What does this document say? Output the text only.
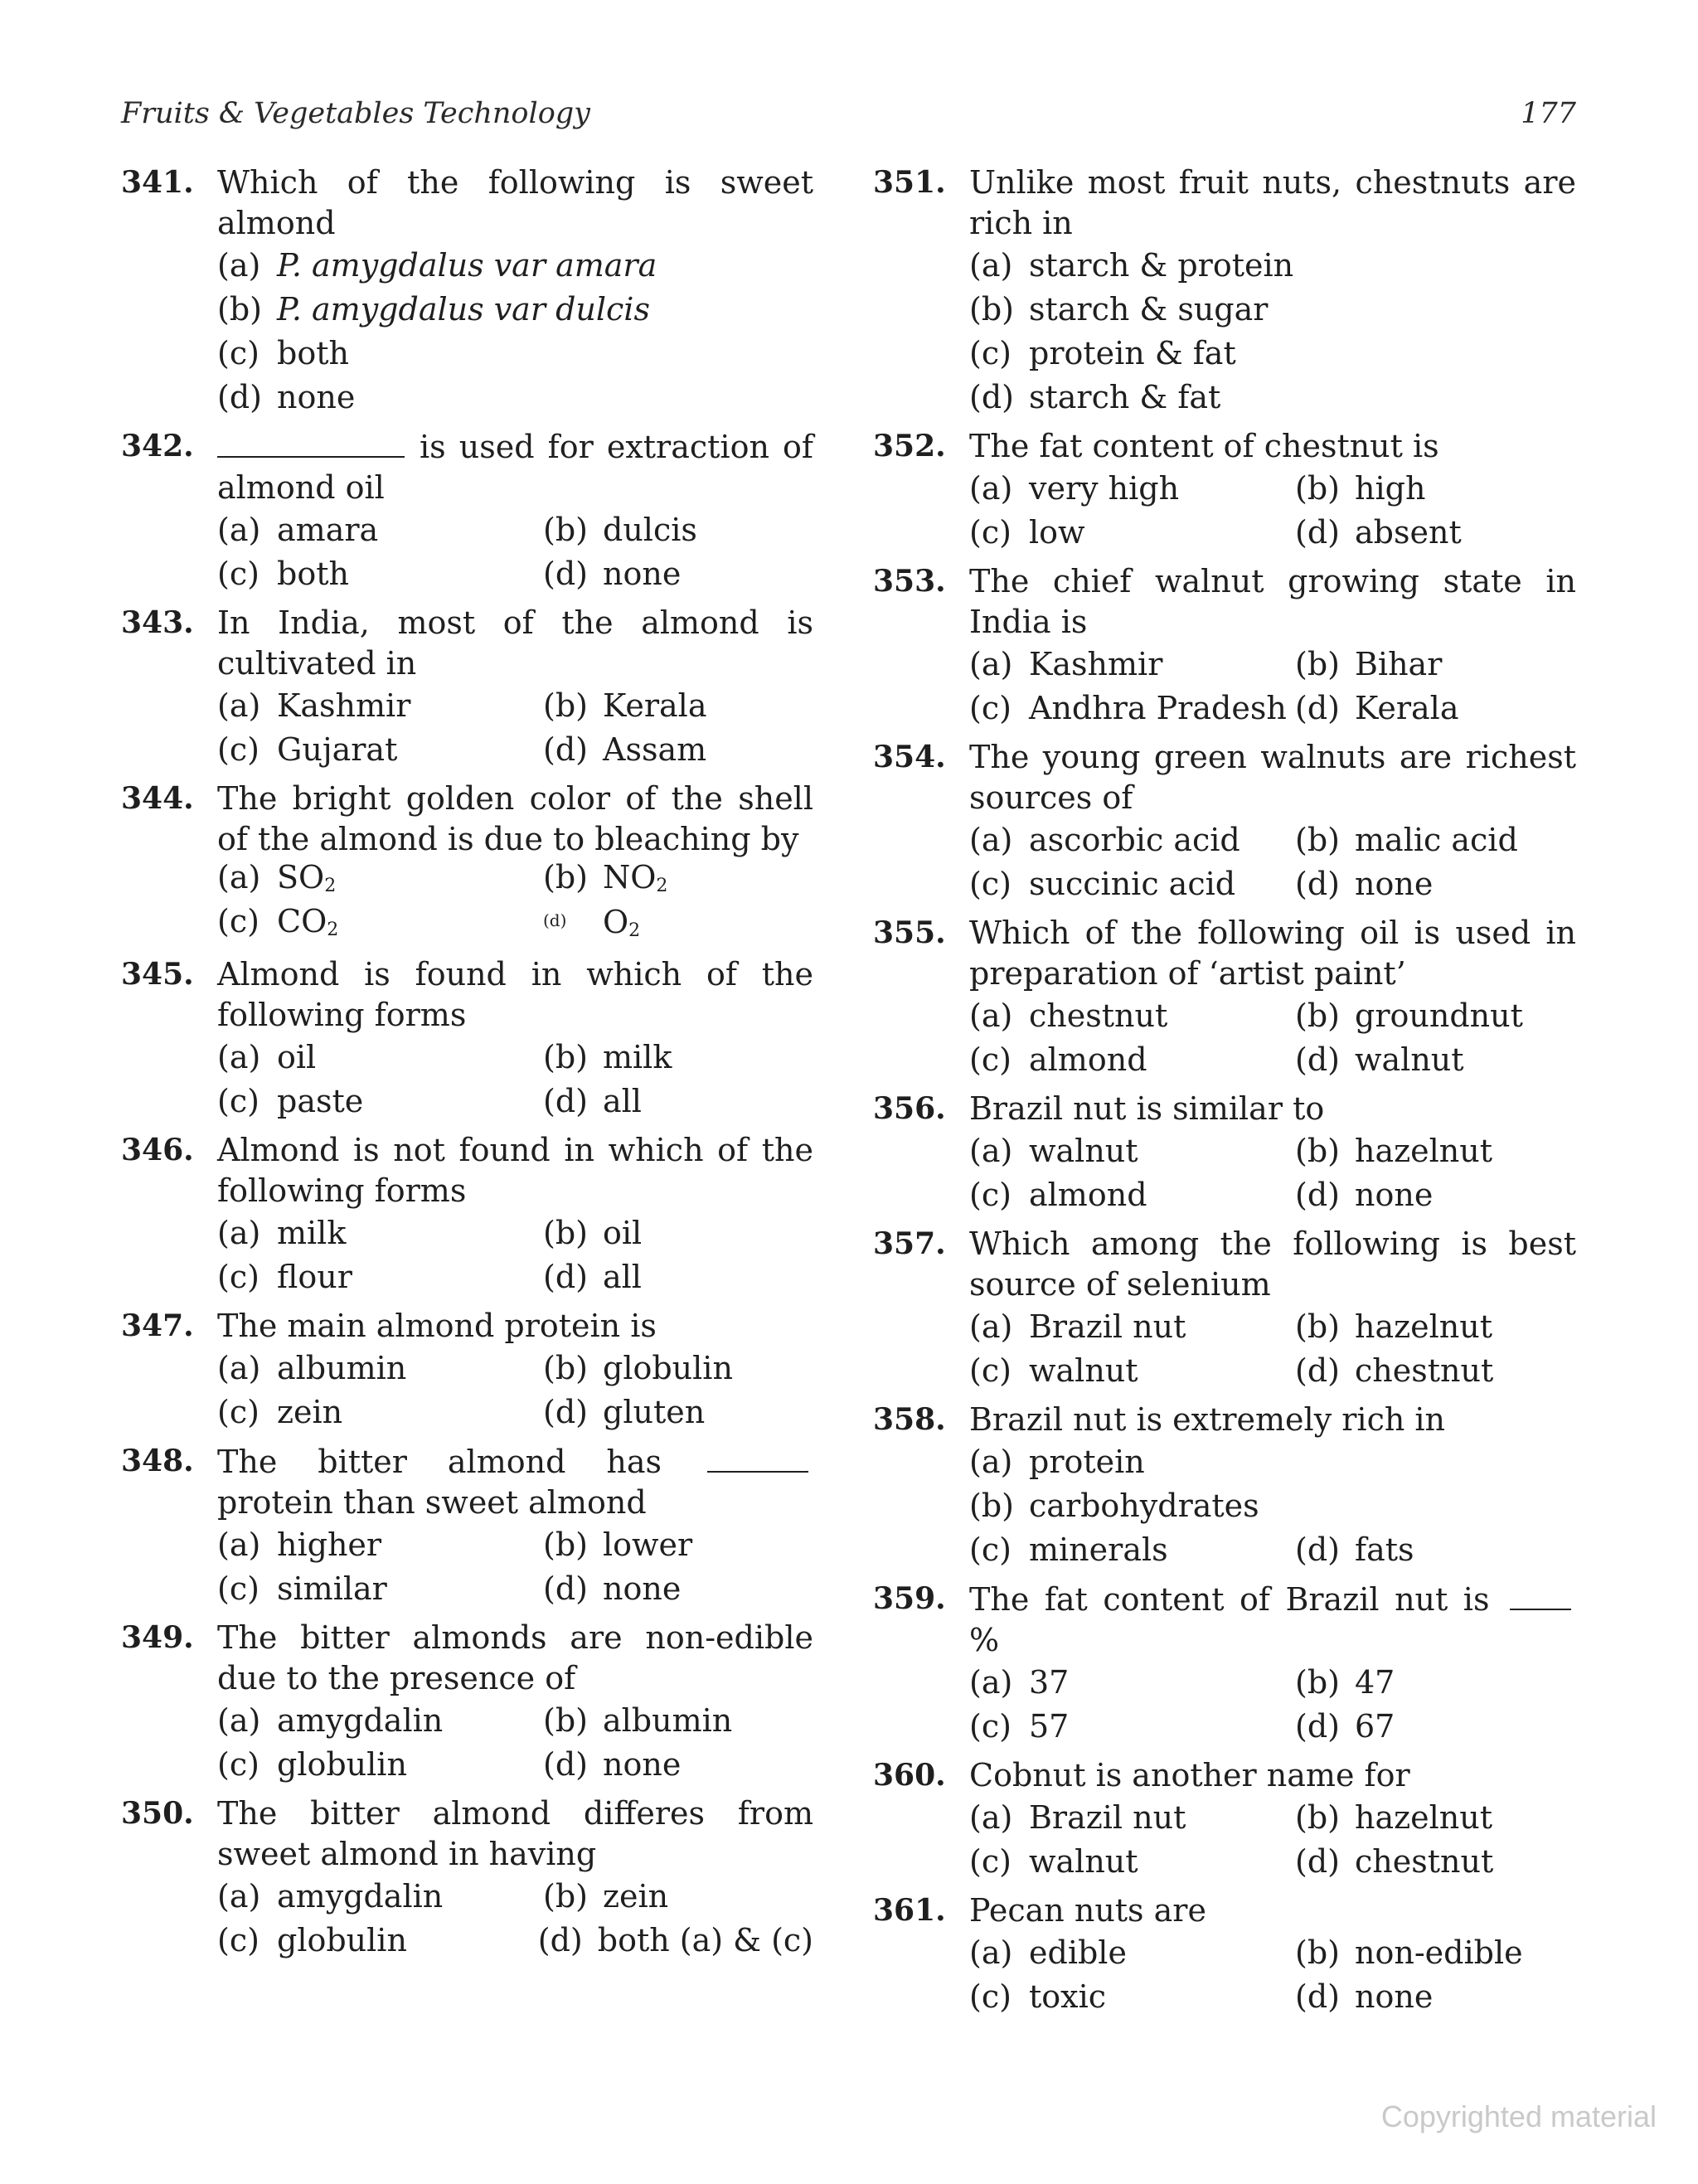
Fruits & Vegetables Technology	177
341. Which of the following is sweet almond
(a) P. amygdalus var amara
(b) P. amygdalus var dulcis
(c) both
(d) none
342.	is used for extraction of almond oil
(a) amara	(b) dulcis
(c) both	(d) none
343. In India, most of the almond is cultivated in
(a) Kashmir	(b) Kerala
(c) Gujarat	(d) Assam
344. The bright golden color of the shell of the almond is due to bleaching by
(a) $SO_2$	(b) $NO_2$
(c) $CO_2$	(d) $O_2$
345. Almond is found in which of the following forms
(a) oil	(b) milk
(c) paste	(d) all
346. Almond is not found in which of the following forms
(a) milk	(b) oil
(c) flour	(d) all
347. The main almond protein is
(a) albumin	(b) globulin
(c) zein	(d) gluten
348. The bitter almond has  protein than sweet almond
(a) higher	(b) lower
(c) similar	(d) none
349. The bitter almonds are non-edible due to the presence of
(a) amygdalin	(b) albumin
(c) globulin	(d) none
350. The bitter almond differes from sweet almond in having
(a) amygdalin	(b) zein
(c) globulin	(d) both (a) & (c)
351. Unlike most fruit nuts, chestnuts are rich in
(a) starch & protein
(b) starch & sugar
(c) protein & fat
(d) starch & fat
352. The fat content of chestnut is
(a) very high	(b) high
(c) low	(d) absent
353. The chief walnut growing state in India is
(a) Kashmir	(b) Bihar
(c) Andhra Pradesh (d) Kerala
354. The young green walnuts are richest sources of
(a) ascorbic acid	(b) malic acid
(c) succinic acid	(d) none
355. Which of the following oil is used in preparation of ‘artist paint’
(a) chestnut	(b) groundnut
(c) almond	(d) walnut
356. Brazil nut is similar to
(a) walnut	(b) hazelnut
(c) almond	(d) none
357. Which among the following is best source of selenium
(a) Brazil nut	(b) hazelnut
(c) walnut	(d) chestnut
358. Brazil nut is extremely rich in
(a) protein
(b) carbohydrates
(c) minerals	(d) fats
359. The fat content of Brazil nut is  %
(a) 37	(b) 47
(c) 57	(d) 67
360. Cobnut is another name for
(a) Brazil nut	(b) hazelnut
(c) walnut	(d) chestnut
361. Pecan nuts are
(a) edible	(b) non-edible
(c) toxic	(d) none
Copyrighted material
